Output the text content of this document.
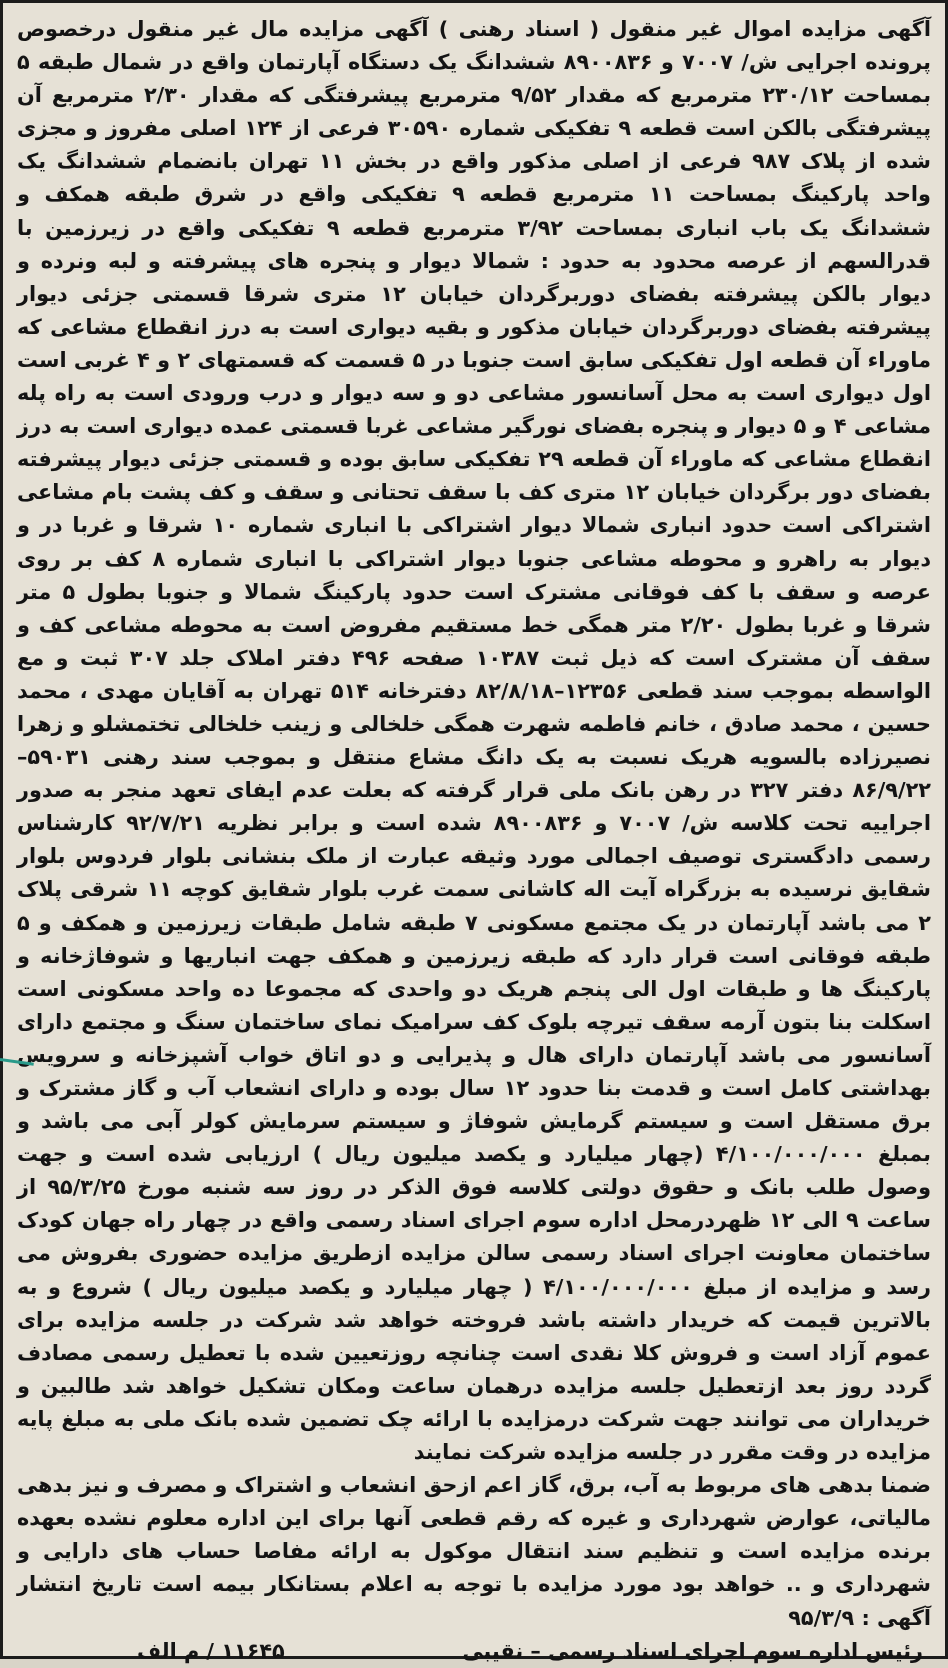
آگهی مزایده اموال غیر منقول ( اسناد رهنی ) آگهی مزایده مال غیر منقول درخصوص پرونده اجرایی ش/ ۷۰۰۷ و ۸۹۰۰۸۳۶ ششدانگ یک دستگاه آپارتمان واقع در شمال طبقه ۵ بمساحت ۲۳۰/۱۲ مترمربع که مقدار ۹/۵۲ مترمربع پیشرفتگی که مقدار ۲/۳۰ مترمربع آن پیشرفتگی بالکن است قطعه ۹ تفکیکی شماره ۳۰۵۹۰ فرعی از ۱۲۴ اصلی مفروز و مجزی شده از پلاک ۹۸۷ فرعی از اصلی مذکور واقع در بخش ۱۱ تهران بانضمام ششدانگ یک واحد پارکینگ بمساحت ۱۱ مترمربع قطعه ۹ تفکیکی واقع در شرق طبقه همکف و ششدانگ یک باب انباری بمساحت ۳/۹۲ مترمربع قطعه ۹ تفکیکی واقع در زیرزمین با قدرالسهم از عرصه محدود به حدود : شمالا دیوار و پنجره های پیشرفته و لبه ونرده و دیوار بالکن پیشرفته بفضای دوربرگردان خیابان ۱۲ متری شرقا قسمتی جزئی دیوار پیشرفته بفضای دوربرگردان خیابان مذکور و بقیه دیواری است به درز انقطاع مشاعی که ماوراء آن قطعه اول تفکیکی سابق است جنوبا در ۵ قسمت که قسمتهای ۲ و ۴ غربی است اول دیواری است به محل آسانسور مشاعی دو و سه دیوار و درب ورودی است به راه پله مشاعی ۴ و ۵ دیوار و پنجره بفضای نورگیر مشاعی غربا قسمتی عمده دیواری است به درز انقطاع مشاعی که ماوراء آن قطعه ۲۹ تفکیکی سابق بوده و قسمتی جزئی دیوار پیشرفته بفضای دور برگردان خیابان ۱۲ متری کف با سقف تحتانی و سقف و کف پشت بام مشاعی اشتراکی است حدود انباری شمالا دیوار اشتراکی با انباری شماره ۱۰ شرقا و غربا در و دیوار به راهرو و محوطه مشاعی جنوبا دیوار اشتراکی با انباری شماره ۸ کف بر روی عرصه و سقف با کف فوقانی مشترک است حدود پارکینگ شمالا و جنوبا بطول ۵ متر شرقا و غربا بطول ۲/۲۰ متر همگی خط مستقیم مفروض است به محوطه مشاعی کف و سقف آن مشترک است که ذیل ثبت ۱۰۳۸۷ صفحه ۴۹۶ دفتر املاک جلد ۳۰۷ ثبت و مع الواسطه بموجب سند قطعی ۱۲۳۵۶–۸۲/۸/۱۸ دفترخانه ۵۱۴ تهران به آقایان مهدی ، محمد حسین ، محمد صادق ، خانم فاطمه شهرت همگی خلخالی و زینب خلخالی تختمشلو و زهرا نصیرزاده بالسویه هریک نسبت به یک دانگ مشاع منتقل و بموجب سند رهنی ۵۹۰۳۱–۸۶/۹/۲۲ دفتر ۳۲۷ در رهن بانک ملی قرار گرفته که بعلت عدم ایفای تعهد منجر به صدور اجراییه تحت کلاسه ش/ ۷۰۰۷ و ۸۹۰۰۸۳۶ شده است و برابر نظریه ۹۲/۷/۲۱ کارشناس رسمی دادگستری توصیف اجمالی مورد وثیقه عبارت از ملک بنشانی بلوار فردوس بلوار شقایق نرسیده به بزرگراه آیت اله کاشانی سمت غرب بلوار شقایق کوچه ۱۱ شرقی پلاک ۲ می باشد آپارتمان در یک مجتمع مسکونی ۷ طبقه شامل طبقات زیرزمین و همکف و ۵ طبقه فوقانی است قرار دارد که طبقه زیرزمین و همکف جهت انباریها و شوفاژخانه و پارکینگ ها و طبقات اول الی پنجم هریک دو واحدی که مجموعا ده واحد مسکونی است اسکلت بنا بتون آرمه سقف تیرچه بلوک کف سرامیک نمای ساختمان سنگ و مجتمع دارای آسانسور می باشد آپارتمان دارای هال و پذیرایی و دو اتاق خواب آشپزخانه و سرویس بهداشتی کامل است و قدمت بنا حدود ۱۲ سال بوده و دارای انشعاب آب و گاز مشترک و برق مستقل است و سیستم گرمایش شوفاژ و سیستم سرمایش کولر آبی می باشد و بمبلغ ۴/۱۰۰/۰۰۰/۰۰۰ (چهار میلیارد و یکصد میلیون ریال ) ارزیابی شده است و جهت وصول طلب بانک و حقوق دولتی کلاسه فوق الذکر در روز سه شنبه مورخ ۹۵/۳/۲۵ از ساعت ۹ الی ۱۲ ظهردرمحل اداره سوم اجرای اسناد رسمی واقع در چهار راه جهان کودک ساختمان معاونت اجرای اسناد رسمی سالن مزایده ازطریق مزایده حضوری بفروش می رسد و مزایده از مبلغ ۴/۱۰۰/۰۰۰/۰۰۰ ( چهار میلیارد و یکصد میلیون ریال ) شروع و به بالاترین قیمت که خریدار داشته باشد فروخته خواهد شد شرکت در جلسه مزایده برای عموم آزاد است و فروش کلا نقدی است چنانچه روزتعیین شده با تعطیل رسمی مصادف گردد روز بعد ازتعطیل جلسه مزایده درهمان ساعت ومکان تشکیل خواهد شد طالبین و خریداران می توانند جهت شرکت درمزایده با ارائه چک تضمین شده بانک ملی به مبلغ پایه مزایده در وقت مقرر در جلسه مزایده شرکت نمایند

ضمنا بدهی های مربوط به آب، برق، گاز اعم ازحق انشعاب و اشتراک و مصرف و نیز بدهی مالیاتی، عوارض شهرداری و غیره که رقم قطعی آنها برای این اداره معلوم نشده بعهده برنده مزایده است و تنظیم سند انتقال موکول به ارائه مفاصا حساب های دارایی و شهرداری و .. خواهد بود مورد مزایده با توجه به اعلام بستانکار بیمه است تاریخ انتشار آگهی : ۹۵/۳/۹

رئیس اداره سوم اجرای اسناد رسمی – نقیبی
۱۱۶۴۵ / م الف
